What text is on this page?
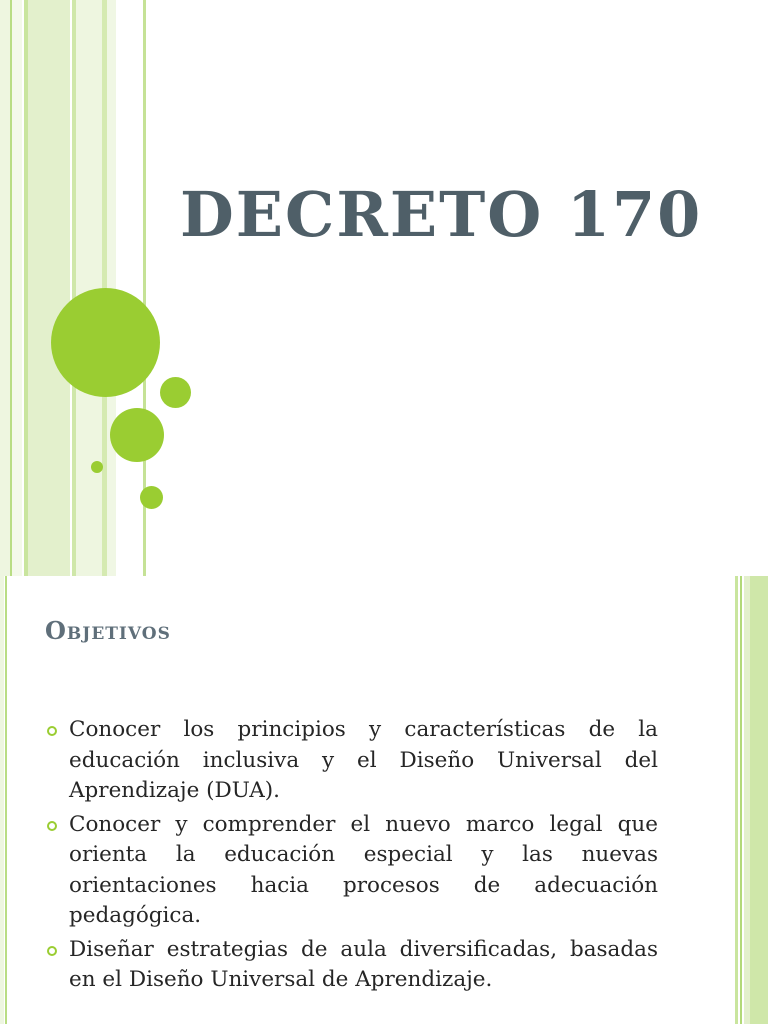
DECRETO 170
Objetivos
Conocer los principios y características de la educación inclusiva y el Diseño Universal del Aprendizaje (DUA).
Conocer y comprender el nuevo marco legal que orienta la educación especial y las nuevas orientaciones hacia procesos de adecuación pedagógica.
Diseñar estrategias de aula diversificadas, basadas en el Diseño Universal de Aprendizaje.
